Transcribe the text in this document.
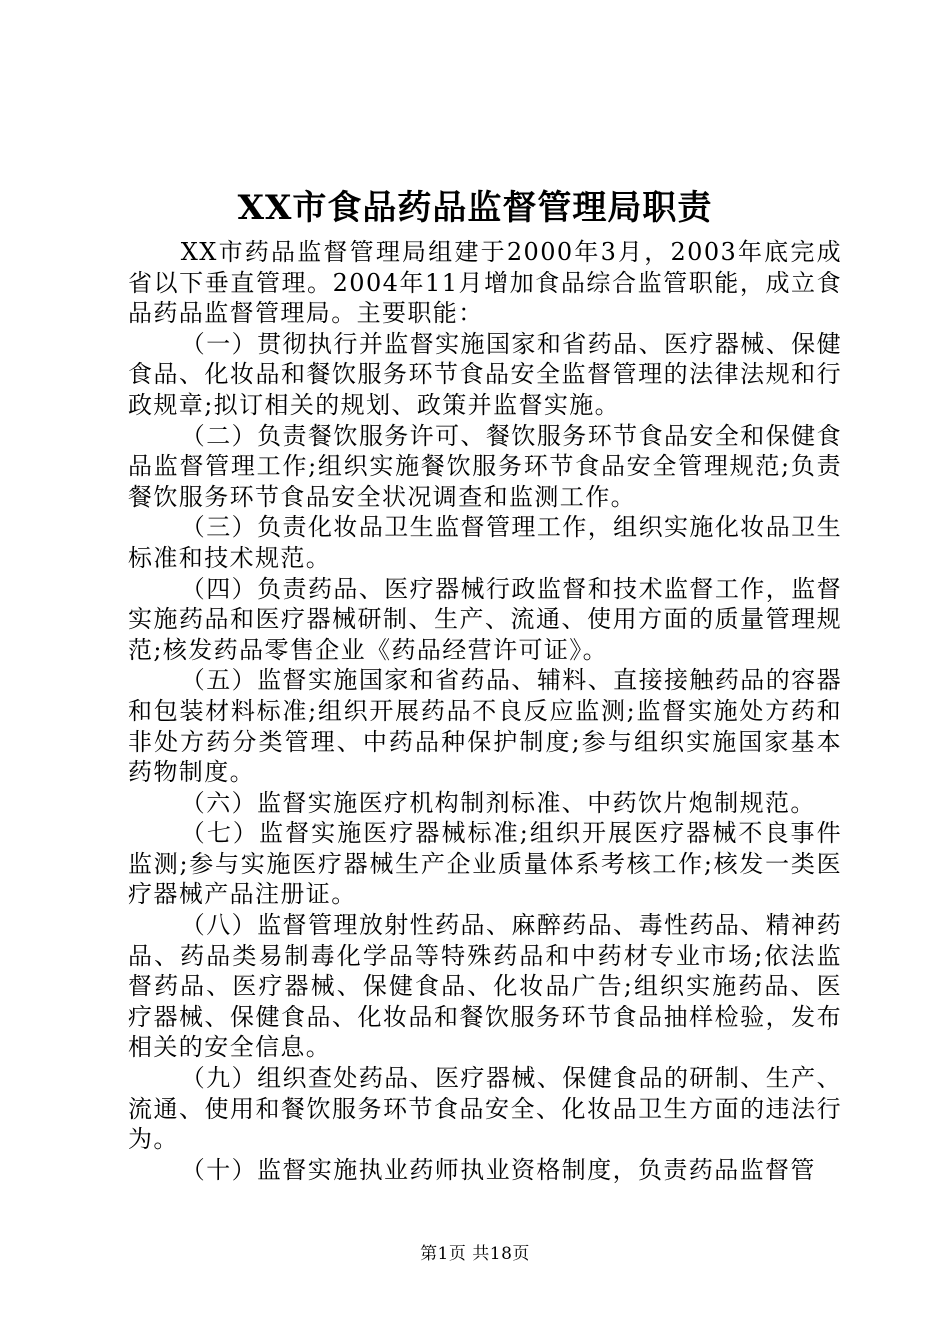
XX市食品药品监督管理局职责

XX市药品监督管理局组建于2000年3月，2003年底完成省以下垂直管理。2004年11月增加食品综合监管职能，成立食品药品监督管理局。主要职能：

（一）贯彻执行并监督实施国家和省药品、医疗器械、保健食品、化妆品和餐饮服务环节食品安全监督管理的法律法规和行政规章;拟订相关的规划、政策并监督实施。

（二）负责餐饮服务许可、餐饮服务环节食品安全和保健食品监督管理工作;组织实施餐饮服务环节食品安全管理规范;负责餐饮服务环节食品安全状况调查和监测工作。

（三）负责化妆品卫生监督管理工作，组织实施化妆品卫生标准和技术规范。

（四）负责药品、医疗器械行政监督和技术监督工作，监督实施药品和医疗器械研制、生产、流通、使用方面的质量管理规范;核发药品零售企业《药品经营许可证》。

（五）监督实施国家和省药品、辅料、直接接触药品的容器和包装材料标准;组织开展药品不良反应监测;监督实施处方药和非处方药分类管理、中药品种保护制度;参与组织实施国家基本药物制度。

（六）监督实施医疗机构制剂标准、中药饮片炮制规范。

（七）监督实施医疗器械标准;组织开展医疗器械不良事件监测;参与实施医疗器械生产企业质量体系考核工作;核发一类医疗器械产品注册证。

（八）监督管理放射性药品、麻醉药品、毒性药品、精神药品、药品类易制毒化学品等特殊药品和中药材专业市场;依法监督药品、医疗器械、保健食品、化妆品广告;组织实施药品、医疗器械、保健食品、化妆品和餐饮服务环节食品抽样检验，发布相关的安全信息。

（九）组织查处药品、医疗器械、保健食品的研制、生产、流通、使用和餐饮服务环节食品安全、化妆品卫生方面的违法行为。

（十）监督实施执业药师执业资格制度，负责药品监督管

第1页 共18页
